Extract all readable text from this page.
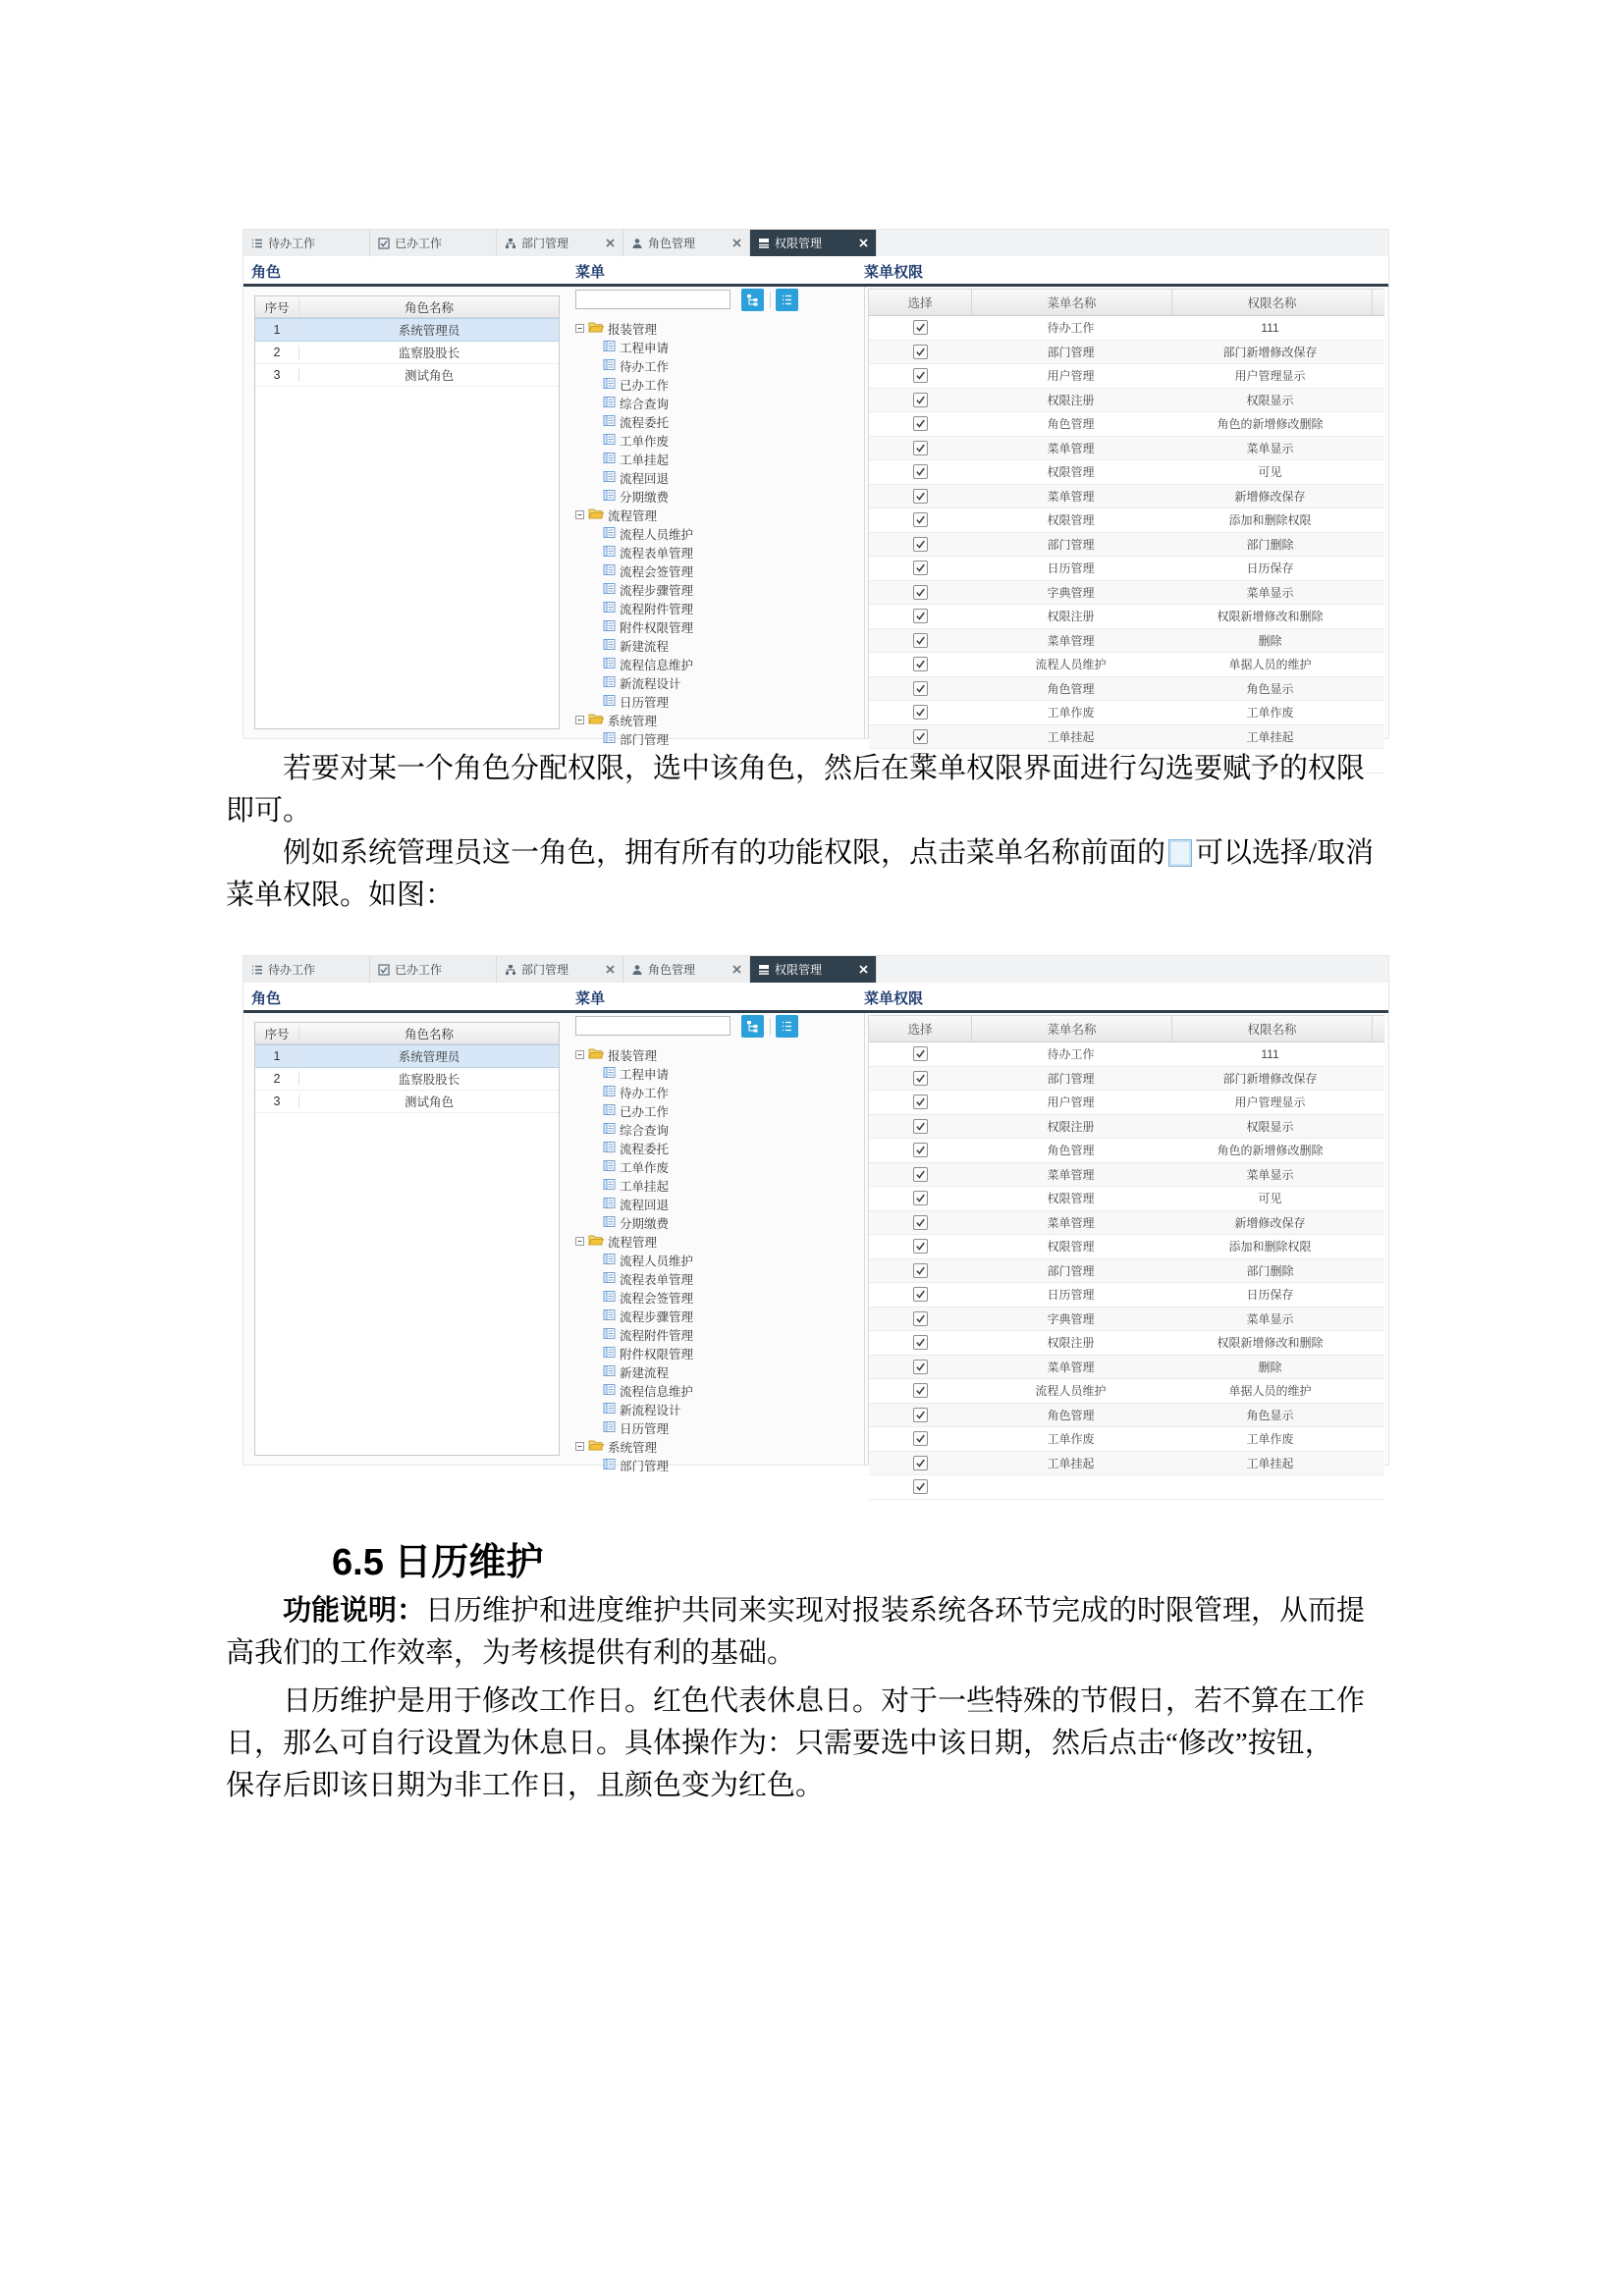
待办工作	已办工作	部门管理	角色管理	权限管理
角色	菜单	菜单权限
序号	角色名称
1	系统管理员
2	监察股股长
3	测试角色
报装管理
工程申请
待办工作
已办工作
综合查询
流程委托
工单作废
工单挂起
流程回退
分期缴费
流程管理
流程人员维护
流程表单管理
流程会签管理
流程步骤管理
流程附件管理
附件权限管理
新建流程
流程信息维护
新流程设计
日历管理
系统管理
部门管理
选择	菜单名称	权限名称
待办工作	111
部门管理	部门新增修改保存
用户管理	用户管理显示
权限注册	权限显示
角色管理	角色的新增修改删除
菜单管理	菜单显示
权限管理	可见
菜单管理	新增修改保存
权限管理	添加和删除权限
部门管理	部门删除
日历管理	日历保存
字典管理	菜单显示
权限注册	权限新增修改和删除
菜单管理	删除
流程人员维护	单据人员的维护
角色管理	角色显示
工单作废	工单作废
工单挂起	工单挂起
若要对某一个角色分配权限，选中该角色，然后在菜单权限界面进行勾选要赋予的权限
即可。
例如系统管理员这一角色，拥有所有的功能权限，点击菜单名称前面的 可以选择/取消
菜单权限。如图：
待办工作	已办工作	部门管理	角色管理	权限管理
角色	菜单	菜单权限
序号	角色名称
1	系统管理员
2	监察股股长
3	测试角色
报装管理
工程申请
待办工作
已办工作
综合查询
流程委托
工单作废
工单挂起
流程回退
分期缴费
流程管理
流程人员维护
流程表单管理
流程会签管理
流程步骤管理
流程附件管理
附件权限管理
新建流程
流程信息维护
新流程设计
日历管理
系统管理
部门管理
选择	菜单名称	权限名称
待办工作	111
部门管理	部门新增修改保存
用户管理	用户管理显示
权限注册	权限显示
角色管理	角色的新增修改删除
菜单管理	菜单显示
权限管理	可见
菜单管理	新增修改保存
权限管理	添加和删除权限
部门管理	部门删除
日历管理	日历保存
字典管理	菜单显示
权限注册	权限新增修改和删除
菜单管理	删除
流程人员维护	单据人员的维护
角色管理	角色显示
工单作废	工单作废
工单挂起	工单挂起
6.5 日历维护
功能说明：日历维护和进度维护共同来实现对报装系统各环节完成的时限管理，从而提
高我们的工作效率，为考核提供有利的基础。
日历维护是用于修改工作日。红色代表休息日。对于一些特殊的节假日，若不算在工作
日，那么可自行设置为休息日。具体操作为：只需要选中该日期，然后点击“修改”按钮，
保存后即该日期为非工作日，且颜色变为红色。
